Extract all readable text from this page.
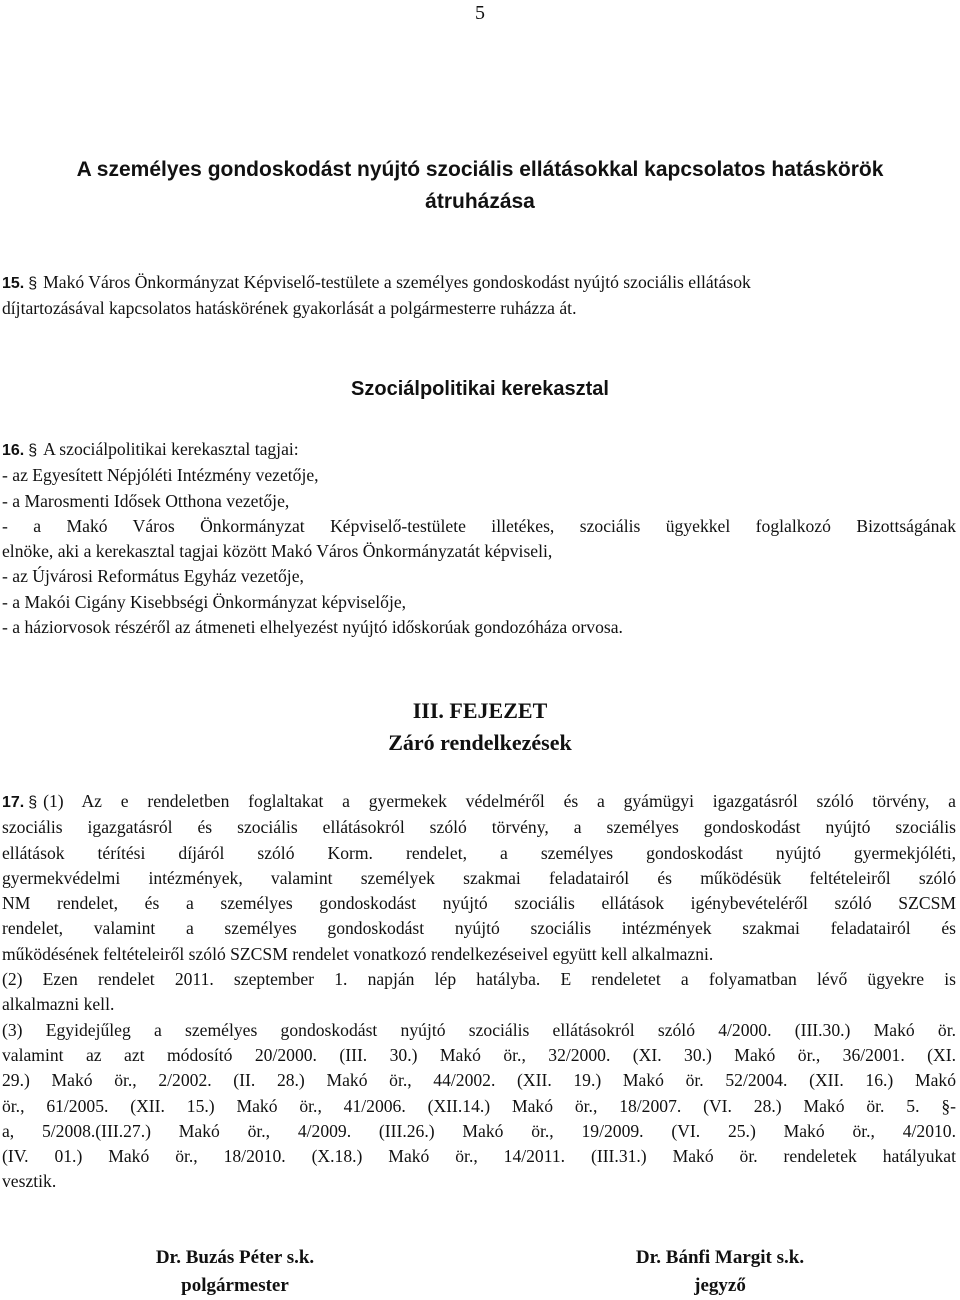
5
A személyes gondoskodást nyújtó szociális ellátásokkal kapcsolatos hatáskörök
átruházása
15. § Makó Város Önkormányzat Képviselő-testülete a személyes gondoskodást nyújtó szociális ellátások
díjtartozásával kapcsolatos hatáskörének gyakorlását a polgármesterre ruházza át.
Szociálpolitikai kerekasztal
16. § A szociálpolitikai kerekasztal tagjai:
- az Egyesített Népjóléti Intézmény vezetője,
- a Marosmenti Idősek Otthona vezetője,
- a Makó Város Önkormányzat Képviselő-testülete illetékes, szociális ügyekkel foglalkozó Bizottságának
elnöke, aki a kerekasztal tagjai között Makó Város Önkormányzatát képviseli,
- az Újvárosi Református Egyház vezetője,
- a Makói Cigány Kisebbségi Önkormányzat képviselője,
- a háziorvosok részéről az átmeneti elhelyezést nyújtó időskorúak gondozóháza orvosa.
III. FEJEZET
Záró rendelkezések
17. § (1) Az e rendeletben foglaltakat a gyermekek védelméről és a gyámügyi igazgatásról szóló törvény, a
szociális igazgatásról és szociális ellátásokról szóló törvény, a személyes gondoskodást nyújtó szociális
ellátások térítési díjáról szóló Korm. rendelet, a személyes gondoskodást nyújtó gyermekjóléti,
gyermekvédelmi intézmények, valamint személyek szakmai feladatairól és működésük feltételeiről szóló
NM rendelet, és a személyes gondoskodást nyújtó szociális ellátások igénybevételéről szóló SZCSM
rendelet, valamint a személyes gondoskodást nyújtó szociális intézmények szakmai feladatairól és
működésének feltételeiről szóló SZCSM rendelet vonatkozó rendelkezéseivel együtt kell alkalmazni.
(2) Ezen rendelet 2011. szeptember 1. napján lép hatályba. E rendeletet a folyamatban lévő ügyekre is
alkalmazni kell.
(3) Egyidejűleg a személyes gondoskodást nyújtó szociális ellátásokról szóló 4/2000. (III.30.) Makó ör.
valamint az azt módosító 20/2000. (III. 30.) Makó ör., 32/2000. (XI. 30.) Makó ör., 36/2001. (XI.
29.) Makó ör., 2/2002. (II. 28.) Makó ör., 44/2002. (XII. 19.) Makó ör. 52/2004. (XII. 16.) Makó
ör., 61/2005. (XII. 15.) Makó ör., 41/2006. (XII.14.) Makó ör., 18/2007. (VI. 28.) Makó ör. 5. §-
a, 5/2008.(III.27.) Makó ör., 4/2009. (III.26.) Makó ör., 19/2009. (VI. 25.) Makó ör., 4/2010.
(IV. 01.) Makó ör., 18/2010. (X.18.) Makó ör., 14/2011. (III.31.) Makó ör. rendeletek hatályukat
vesztik.
Dr. Buzás Péter s.k.
polgármester
Dr. Bánfi Margit s.k.
jegyző
